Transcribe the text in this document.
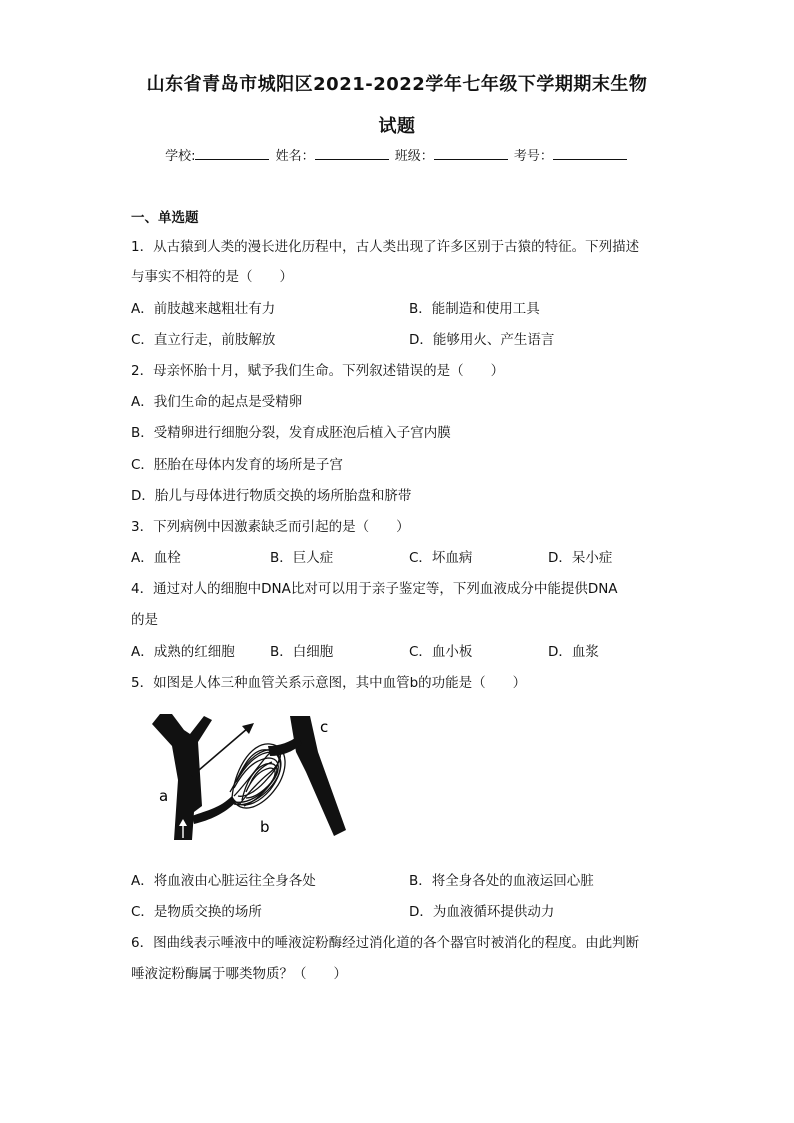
山东省青岛市城阳区2021-2022学年七年级下学期期末生物
试题
学校:	姓名：	班级：	考号：
一、单选题
1．从古猿到人类的漫长进化历程中，古人类出现了许多区别于古猿的特征。下列描述
与事实不相符的是（　　）
A．前肢越来越粗壮有力	B．能制造和使用工具
C．直立行走，前肢解放	D．能够用火、产生语言
2．母亲怀胎十月，赋予我们生命。下列叙述错误的是（　　）
A．我们生命的起点是受精卵
B．受精卵进行细胞分裂，发育成胚泡后植入子宫内膜
C．胚胎在母体内发育的场所是子宫
D．胎儿与母体进行物质交换的场所胎盘和脐带
3．下列病例中因激素缺乏而引起的是（　　）
A．血栓	B．巨人症	C．坏血病	D．呆小症
4．通过对人的细胞中DNA比对可以用于亲子鉴定等，下列血液成分中能提供DNA
的是
A．成熟的红细胞	B．白细胞	C．血小板	D．血浆
5．如图是人体三种血管关系示意图，其中血管b的功能是（　　）
a
b
c
A．将血液由心脏运往全身各处	B．将全身各处的血液运回心脏
C．是物质交换的场所	D．为血液循环提供动力
6．图曲线表示唾液中的唾液淀粉酶经过消化道的各个器官时被消化的程度。由此判断
唾液淀粉酶属于哪类物质？（　　）
